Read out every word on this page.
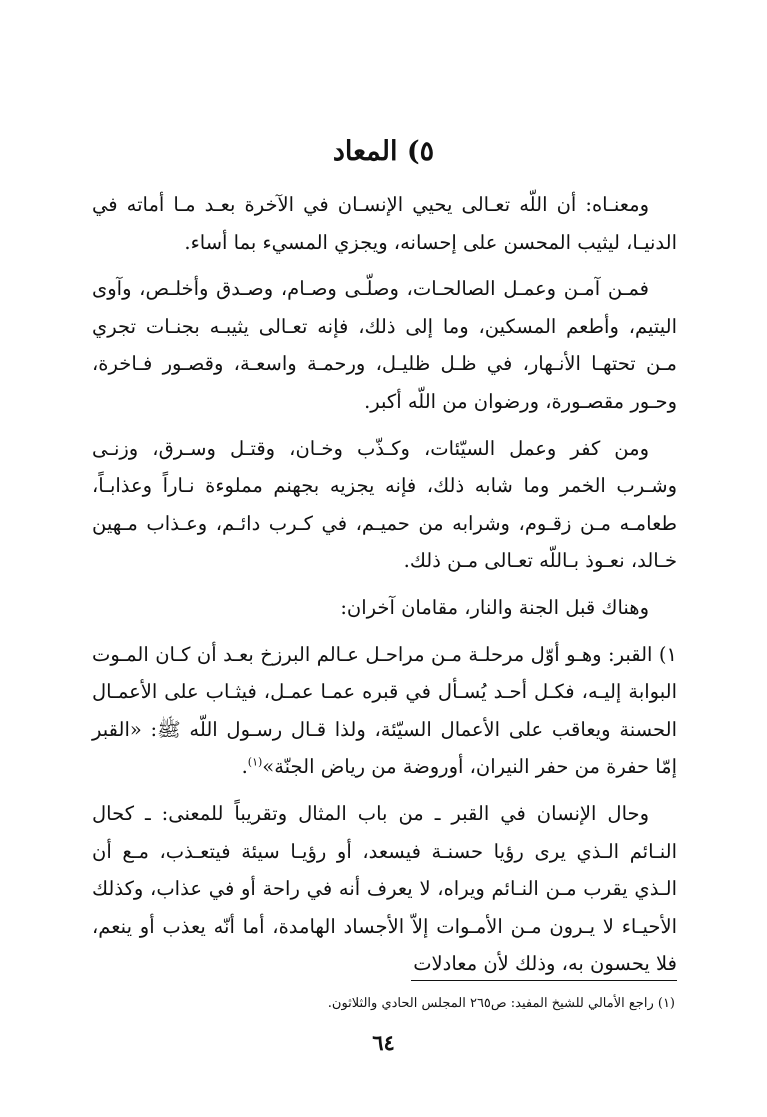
٥) المعاد

ومعنـاه: أن اللّه تعـالى يحيي الإنسـان في الآخرة بعـد مـا أماته في الدنيـا، ليثيب المحسن على إحسانه، ويجزي المسيء بما أساء.

فمـن آمـن وعمـل الصالحـات، وصلّـى وصـام، وصـدق وأخلـص، وآوى اليتيم، وأطعم المسكين، وما إلى ذلك، فإنه تعـالى يثيبـه بجنـات تجري مـن تحتهـا الأنـهار، في ظـل ظليـل، ورحمـة واسعـة، وقصـور فـاخرة، وحـور مقصـورة، ورضوان من اللّه أكبر.

ومن كفر وعمل السيّئات، وكـذّب وخـان، وقتـل وسـرق، وزنـى وشـرب الخمر وما شابه ذلك، فإنه يجزيه بجهنم مملوءة نـاراً وعذابـاً، طعامـه مـن زقـوم، وشرابه من حميـم، في كـرب دائـم، وعـذاب مـهين خـالد، نعـوذ بـاللّه تعـالى مـن ذلك.

وهناك قبل الجنة والنار، مقامان آخران:

١) القبر: وهـو أوّل مرحلـة مـن مراحـل عـالم البرزخ بعـد أن كـان المـوت البوابة إليـه، فكـل أحـد يُسـأل في قبره عمـا عمـل، فيثـاب على الأعمـال الحسنة ويعاقب على الأعمال السيّئة، ولذا قـال رسـول اللّه ﷺ: «القبر إمّا حفرة من حفر النيران، أوروضة من رياض الجنّة»$^{(١)}$.

وحال الإنسان في القبر ـ من باب المثال وتقريباً للمعنى: ـ كحال النـائم الـذي يرى رؤيا حسنـة فيسعد، أو رؤيـا سيئة فيتعـذب، مـع أن الـذي يقرب مـن النـائم ويراه، لا يعرف أنه في راحة أو في عذاب، وكذلك الأحيـاء لا يـرون مـن الأمـوات إلاّ الأجساد الهامدة، أما أنّه يعذب أو ينعم، فلا يحسون به، وذلك لأن معادلات

(١) راجع الأمالي للشيخ المفيد: ص٢٦٥ المجلس الحادي والثلاثون.
٦٤
